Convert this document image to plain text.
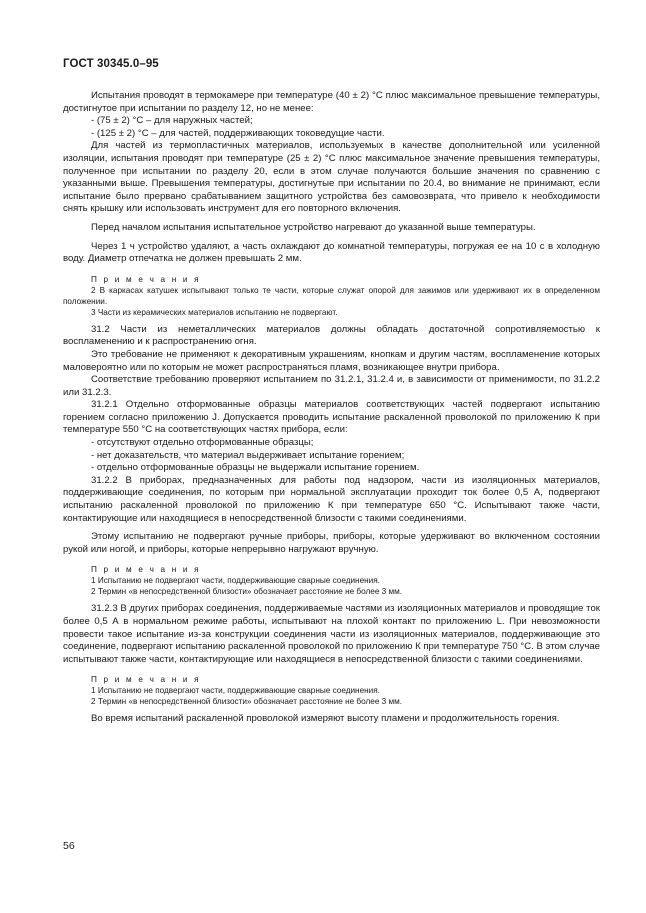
ГОСТ 30345.0–95

Испытания проводят в термокамере при температуре (40 ± 2) °С плюс максимальное превышение температуры, достигнутое при испытании по разделу 12, но не менее:

- (75 ± 2) °С – для наружных частей;

- (125 ± 2) °С – для частей, поддерживающих токоведущие части.

Для частей из термопластичных материалов, используемых в качестве дополнительной или усиленной изоляции, испытания проводят при температуре (25 ± 2) °С плюс максимальное значение превышения температуры, полученное при испытании по разделу 20, если в этом случае получаются большие значения по сравнению с указанными выше. Превышения температуры, достигнутые при испытании по 20.4, во внимание не принимают, если испытание было прервано срабатыванием защитного устройства без самовозврата, что привело к необходимости снять крышку или использовать инструмент для его повторного включения.

Перед началом испытания испытательное устройство нагревают до указанной выше температуры.

Через 1 ч устройство удаляют, а часть охлаждают до комнатной температуры, погружая ее на 10 с в холодную воду. Диаметр отпечатка не должен превышать 2 мм.

П р и м е ч а н и я

2 В каркасах катушек испытывают только те части, которые служат опорой для зажимов или удерживают их в определенном положении.

3 Части из керамических материалов испытанию не подвергают.

31.2 Части из неметаллических материалов должны обладать достаточной сопротивляемостью к воспламенению и к распространению огня.

Это требование не применяют к декоративным украшениям, кнопкам и другим частям, воспламенение которых маловероятно или по которым не может распространяться пламя, возникающее внутри прибора.

Соответствие требованию проверяют испытанием по 31.2.1, 31.2.4 и, в зависимости от применимости, по 31.2.2 или 31.2.3.

31.2.1 Отдельно отформованные образцы материалов соответствующих частей подвергают испытанию горением согласно приложению J. Допускается проводить испытание раскаленной проволокой по приложению К при температуре 550 °С на соответствующих частях прибора, если:

- отсутствуют отдельно отформованные образцы;

- нет доказательств, что материал выдерживает испытание горением;

- отдельно отформованные образцы не выдержали испытание горением.

31.2.2 В приборах, предназначенных для работы под надзором, части из изоляционных материалов, поддерживающие соединения, по которым при нормальной эксплуатации проходит ток более 0,5 А, подвергают испытанию раскаленной проволокой по приложению К при температуре 650 °С. Испытывают также части, контактирующие или находящиеся в непосредственной близости с такими соединениями.

Этому испытанию не подвергают ручные приборы, приборы, которые удерживают во включенном состоянии рукой или ногой, и приборы, которые непрерывно нагружают вручную.

П р и м е ч а н и я

1 Испытанию не подвергают части, поддерживающие сварные соединения.

2 Термин «в непосредственной близости» обозначает расстояние не более 3 мм.

31.2.3 В других приборах соединения, поддерживаемые частями из изоляционных материалов и проводящие ток более 0,5 А в нормальном режиме работы, испытывают на плохой контакт по приложению L. При невозможности провести такое испытание из-за конструкции соединения части из изоляционных материалов, поддерживающие это соединение, подвергают испытанию раскаленной проволокой по приложению К при температуре 750 °С. В этом случае испытывают также части, контактирующие или находящиеся в непосредственной близости с такими соединениями.

П р и м е ч а н и я

1 Испытанию не подвергают части, поддерживающие сварные соединения.

2 Термин «в непосредственной близости» обозначает расстояние не более 3 мм.

Во время испытаний раскаленной проволокой измеряют высоту пламени и продолжительность горения.

56
